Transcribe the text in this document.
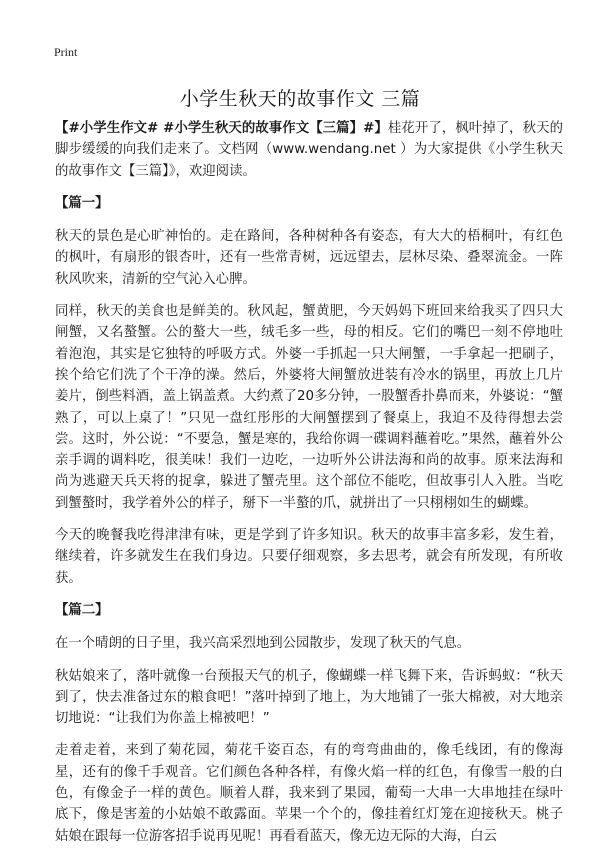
Print
小学生秋天的故事作文 三篇

【#小学生作文# #小学生秋天的故事作文【三篇】#】桂花开了，枫叶掉了，秋天的脚步缓缓的向我们走来了。文档网（www.wendang.net ）为大家提供《小学生秋天的故事作文【三篇】》，欢迎阅读。

【篇一】

秋天的景色是心旷神怡的。走在路间，各种树种各有姿态，有大大的梧桐叶，有红色的枫叶，有扇形的银杏叶，还有一些常青树，远远望去，层林尽染、叠翠流金。一阵秋风吹来，清新的空气沁入心脾。

同样，秋天的美食也是鲜美的。秋风起，蟹黄肥，今天妈妈下班回来给我买了四只大闸蟹，又名螯蟹。公的螯大一些，绒毛多一些，母的相反。它们的嘴巴一刻不停地吐着泡泡，其实是它独特的呼吸方式。外婆一手抓起一只大闸蟹，一手拿起一把刷子，挨个给它们洗了个干净的澡。然后，外婆将大闸蟹放进装有冷水的锅里，再放上几片姜片，倒些料酒，盖上锅盖煮。大约煮了20多分钟，一股蟹香扑鼻而来，外婆说：“蟹熟了，可以上桌了！”只见一盘红彤彤的大闸蟹摆到了餐桌上，我迫不及待得想去尝尝。这时，外公说：“不要急，蟹是寒的，我给你调一碟调料蘸着吃。”果然，蘸着外公亲手调的调料吃，很美味！我们一边吃，一边听外公讲法海和尚的故事。原来法海和尚为逃避天兵天将的捉拿，躲进了蟹壳里。这个部位不能吃，但故事引人入胜。当吃到蟹螯时，我学着外公的样子，掰下一半螯的爪，就拼出了一只栩栩如生的蝴蝶。

今天的晚餐我吃得津津有味，更是学到了许多知识。秋天的故事丰富多彩，发生着，继续着，许多就发生在我们身边。只要仔细观察，多去思考，就会有所发现，有所收获。

【篇二】

在一个晴朗的日子里，我兴高采烈地到公园散步，发现了秋天的气息。

秋姑娘来了，落叶就像一台预报天气的机子，像蝴蝶一样飞舞下来，告诉蚂蚁：“秋天到了，快去准备过东的粮食吧！”落叶掉到了地上，为大地铺了一张大棉被，对大地亲切地说：“让我们为你盖上棉被吧！”

走着走着，来到了菊花园，菊花千姿百态，有的弯弯曲曲的，像毛线团，有的像海星，还有的像千手观音。它们颜色各种各样，有像火焰一样的红色，有像雪一般的白色，有像金子一样的黄色。顺着人群，我来到了果园，葡萄一大串一大串地挂在绿叶底下，像是害羞的小姑娘不敢露面。苹果一个个的，像挂着红灯笼在迎接秋天。桃子姑娘在跟每一位游客招手说再见呢！再看看蓝天，像无边无际的大海，白云
